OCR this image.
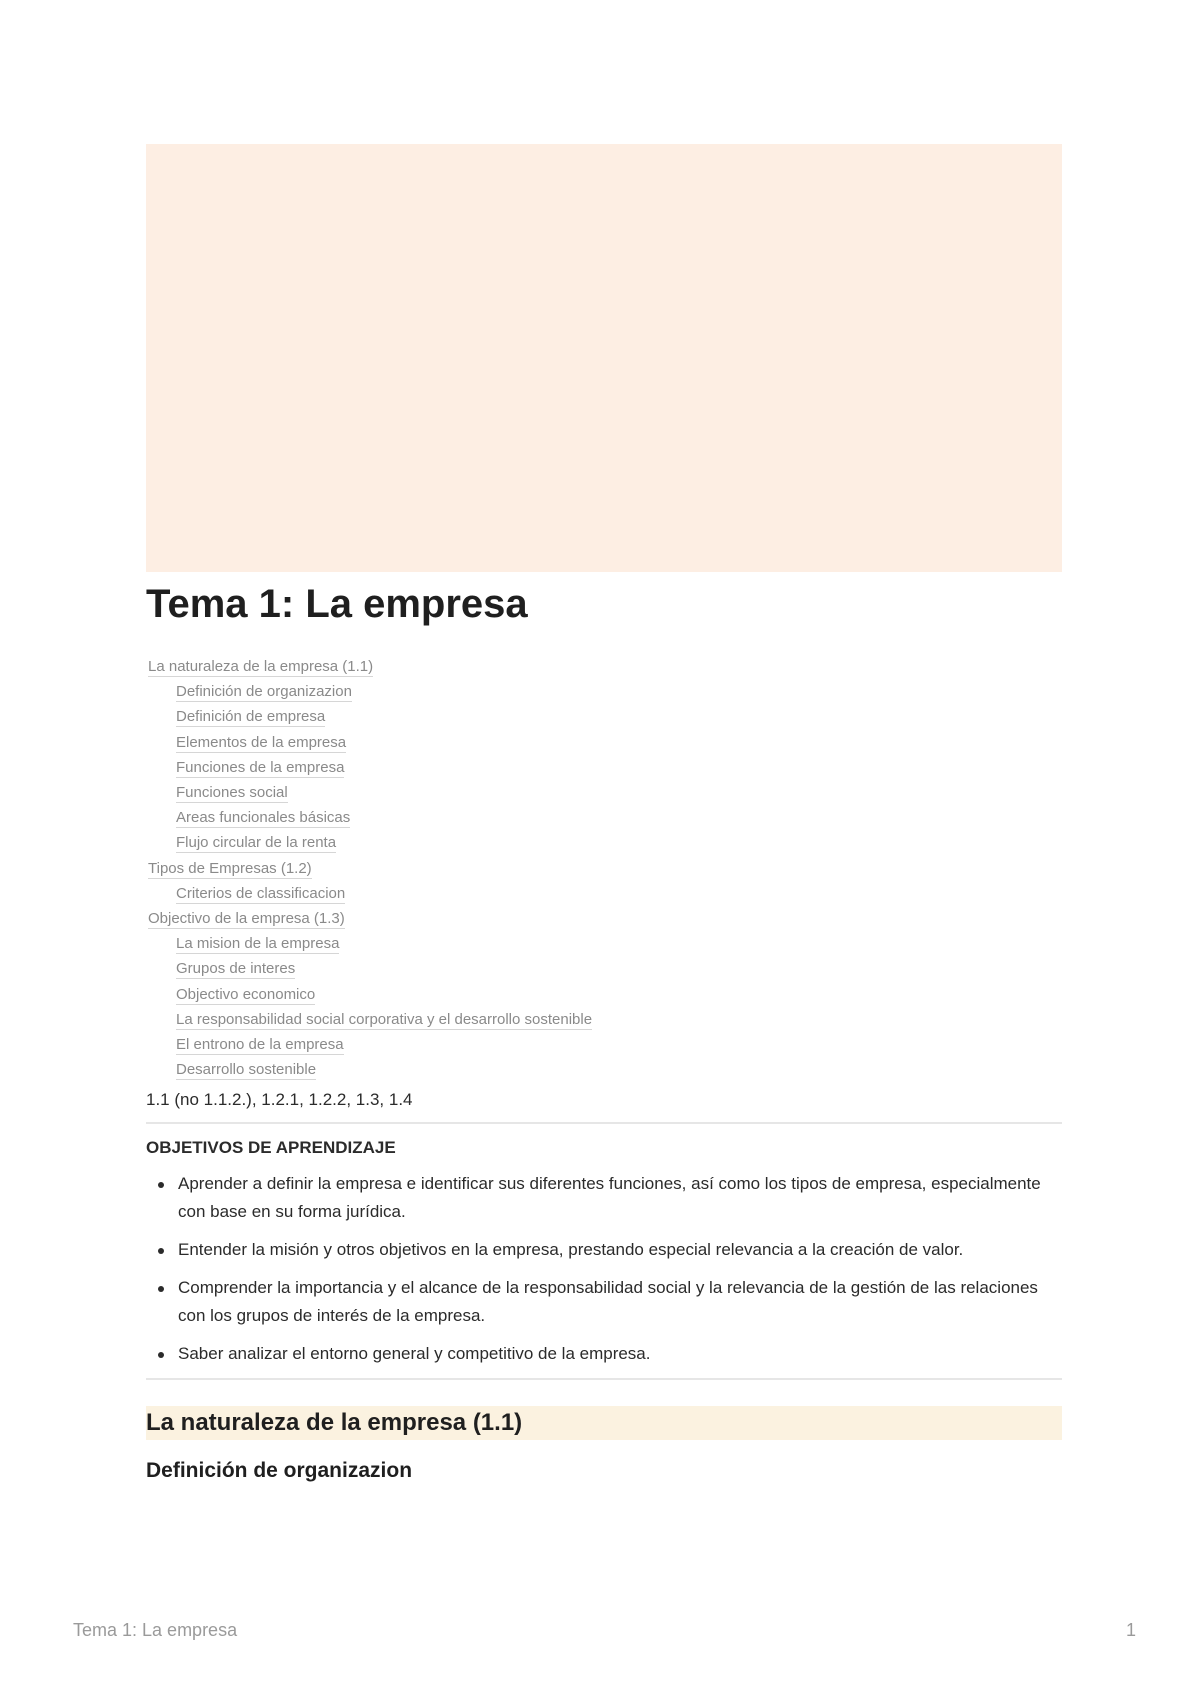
Tema 1: La empresa
La naturaleza de la empresa (1.1)
Definición de organizazion
Definición de empresa
Elementos de la empresa
Funciones de la empresa
Funciones social
Areas funcionales básicas
Flujo circular de la renta
Tipos de Empresas (1.2)
Criterios de classificacion
Objectivo de la empresa (1.3)
La mision de la empresa
Grupos de interes
Objectivo economico
La responsabilidad social corporativa y el desarrollo sostenible
El entrono de la empresa
Desarrollo sostenible
1.1 (no 1.1.2.), 1.2.1, 1.2.2, 1.3, 1.4
OBJETIVOS DE APRENDIZAJE
Aprender a definir la empresa e identificar sus diferentes funciones, así como los tipos de empresa, especialmente con base en su forma jurídica.
Entender la misión y otros objetivos en la empresa, prestando especial relevancia a la creación de valor.
Comprender la importancia y el alcance de la responsabilidad social y la relevancia de la gestión de las relaciones con los grupos de interés de la empresa.
Saber analizar el entorno general y competitivo de la empresa.
La naturaleza de la empresa (1.1)
Definición de organizazion
Tema 1: La empresa	1
